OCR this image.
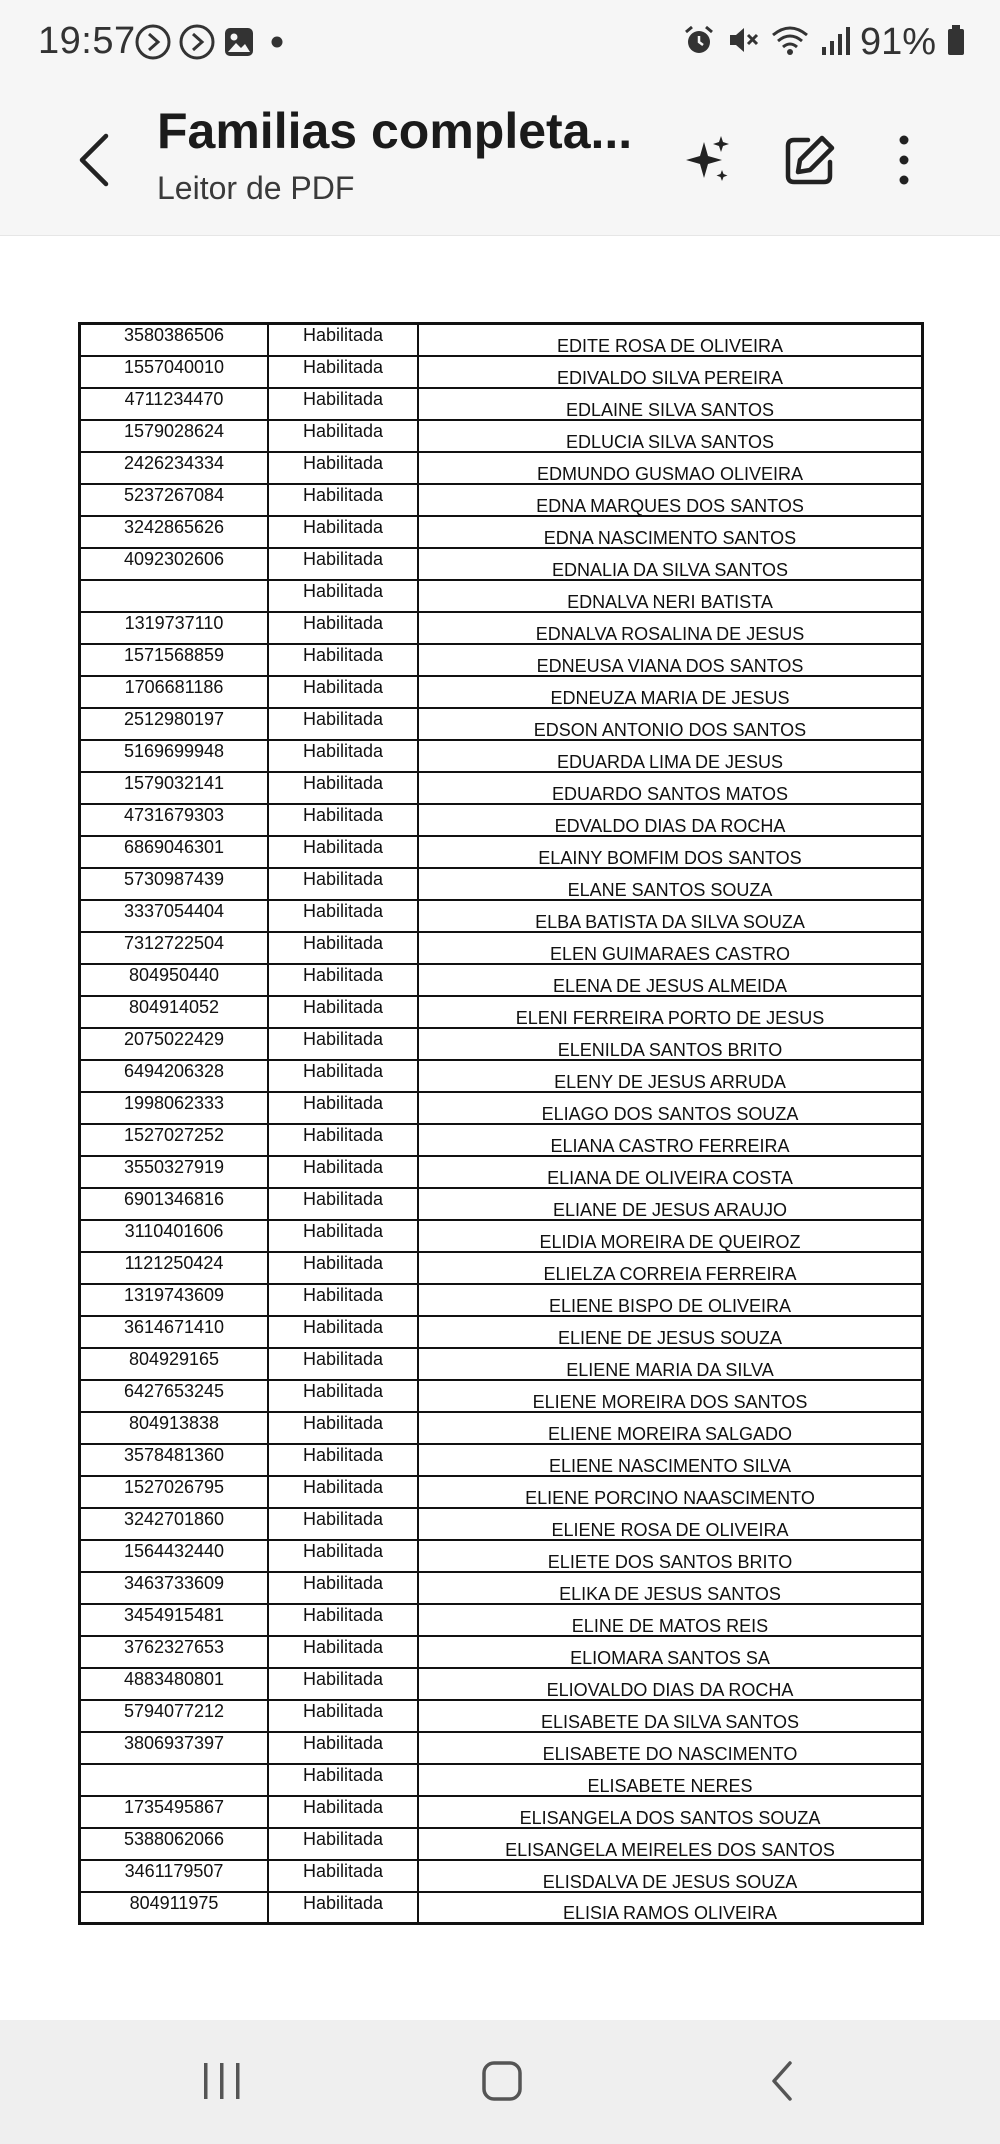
19:57	91%
Familias completa...
Leitor de PDF
3580386506	Habilitada	EDITE ROSA DE OLIVEIRA
1557040010	Habilitada	EDIVALDO SILVA PEREIRA
4711234470	Habilitada	EDLAINE SILVA SANTOS
1579028624	Habilitada	EDLUCIA SILVA SANTOS
2426234334	Habilitada	EDMUNDO GUSMAO OLIVEIRA
5237267084	Habilitada	EDNA MARQUES DOS SANTOS
3242865626	Habilitada	EDNA NASCIMENTO SANTOS
4092302606	Habilitada	EDNALIA DA SILVA SANTOS
	Habilitada	EDNALVA NERI BATISTA
1319737110	Habilitada	EDNALVA ROSALINA DE JESUS
1571568859	Habilitada	EDNEUSA VIANA DOS SANTOS
1706681186	Habilitada	EDNEUZA MARIA DE JESUS
2512980197	Habilitada	EDSON ANTONIO DOS SANTOS
5169699948	Habilitada	EDUARDA LIMA DE JESUS
1579032141	Habilitada	EDUARDO SANTOS MATOS
4731679303	Habilitada	EDVALDO DIAS DA ROCHA
6869046301	Habilitada	ELAINY BOMFIM DOS SANTOS
5730987439	Habilitada	ELANE SANTOS SOUZA
3337054404	Habilitada	ELBA BATISTA DA SILVA SOUZA
7312722504	Habilitada	ELEN GUIMARAES CASTRO
804950440	Habilitada	ELENA DE JESUS ALMEIDA
804914052	Habilitada	ELENI FERREIRA PORTO DE JESUS
2075022429	Habilitada	ELENILDA SANTOS BRITO
6494206328	Habilitada	ELENY DE JESUS ARRUDA
1998062333	Habilitada	ELIAGO DOS SANTOS SOUZA
1527027252	Habilitada	ELIANA CASTRO FERREIRA
3550327919	Habilitada	ELIANA DE OLIVEIRA COSTA
6901346816	Habilitada	ELIANE DE JESUS ARAUJO
3110401606	Habilitada	ELIDIA MOREIRA DE QUEIROZ
1121250424	Habilitada	ELIELZA CORREIA FERREIRA
1319743609	Habilitada	ELIENE BISPO DE OLIVEIRA
3614671410	Habilitada	ELIENE DE JESUS SOUZA
804929165	Habilitada	ELIENE MARIA DA SILVA
6427653245	Habilitada	ELIENE MOREIRA DOS SANTOS
804913838	Habilitada	ELIENE MOREIRA SALGADO
3578481360	Habilitada	ELIENE NASCIMENTO SILVA
1527026795	Habilitada	ELIENE PORCINO NAASCIMENTO
3242701860	Habilitada	ELIENE ROSA DE OLIVEIRA
1564432440	Habilitada	ELIETE DOS SANTOS BRITO
3463733609	Habilitada	ELIKA DE JESUS SANTOS
3454915481	Habilitada	ELINE DE MATOS REIS
3762327653	Habilitada	ELIOMARA SANTOS SA
4883480801	Habilitada	ELIOVALDO DIAS DA ROCHA
5794077212	Habilitada	ELISABETE DA SILVA SANTOS
3806937397	Habilitada	ELISABETE DO NASCIMENTO
	Habilitada	ELISABETE NERES
1735495867	Habilitada	ELISANGELA DOS SANTOS SOUZA
5388062066	Habilitada	ELISANGELA MEIRELES DOS SANTOS
3461179507	Habilitada	ELISDALVA DE JESUS SOUZA
804911975	Habilitada	ELISIA RAMOS OLIVEIRA
